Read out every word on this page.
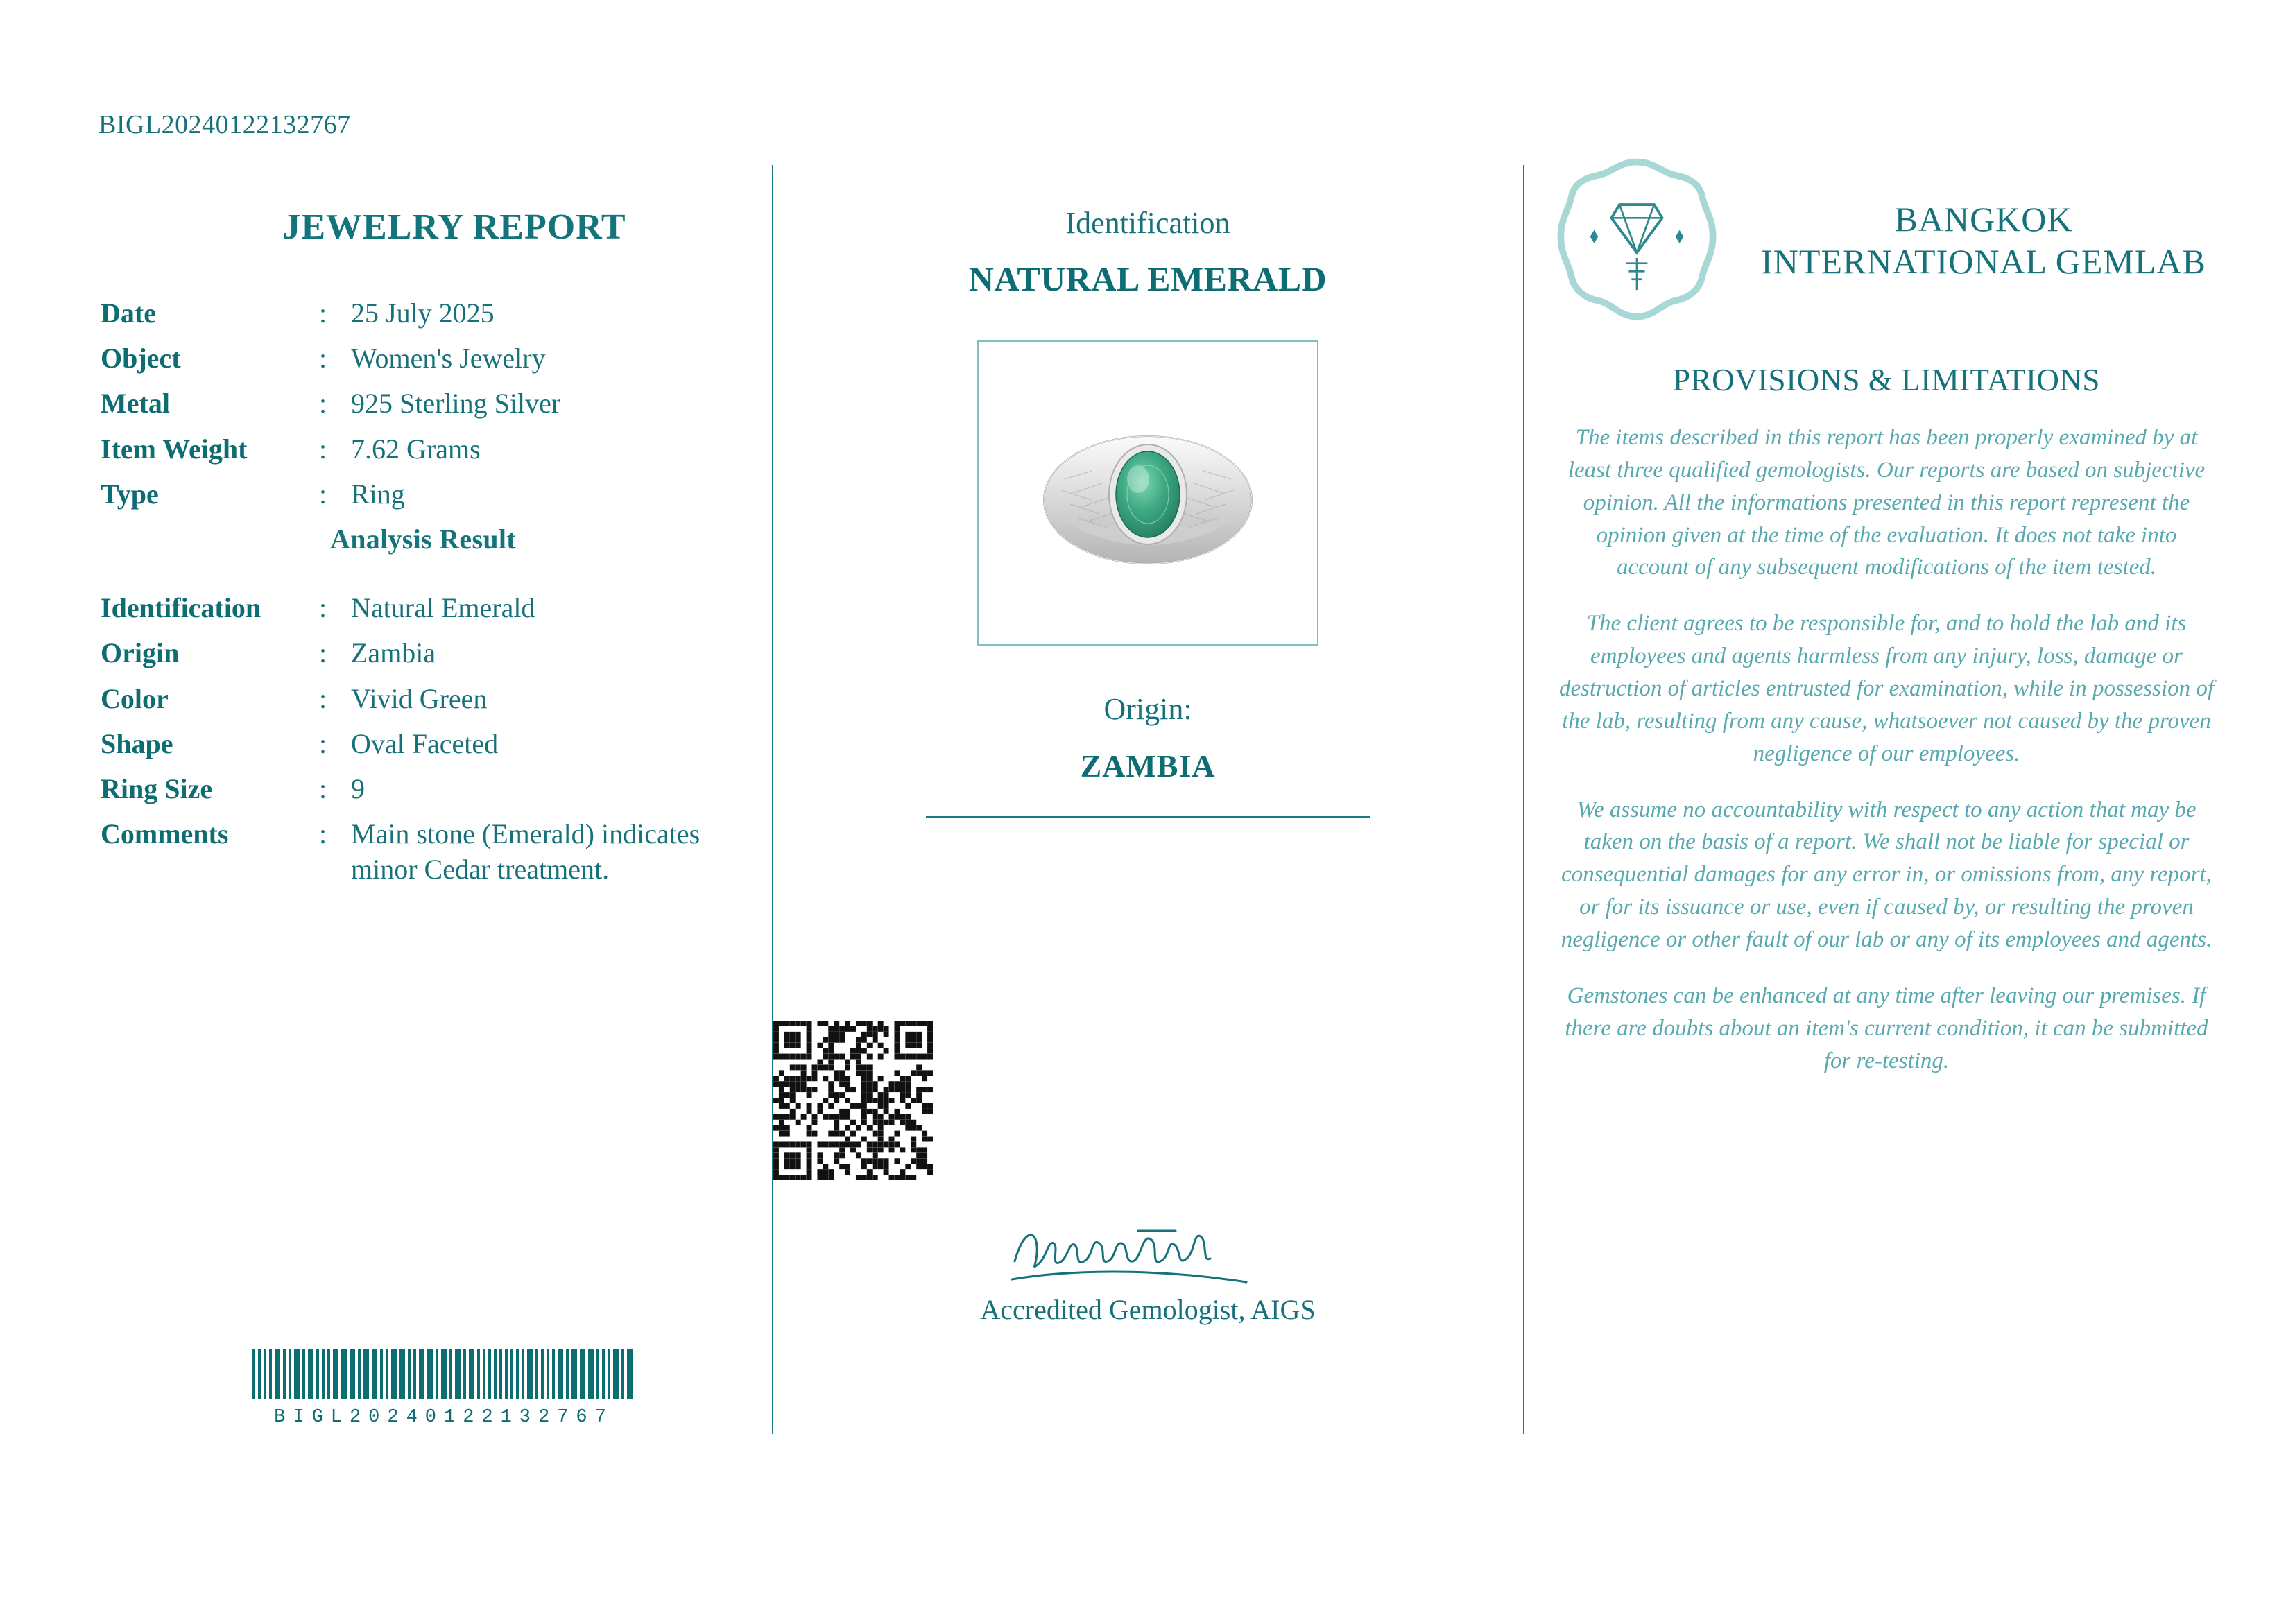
BIGL20240122132767
JEWELRY REPORT
Date	:	25 July 2025
Object	:	Women's Jewelry
Metal	:	925 Sterling Silver
Item Weight	:	7.62 Grams
Type	:	Ring
Analysis Result		

Identification	:	Natural Emerald
Origin	:	Zambia
Color	:	Vivid Green
Shape	:	Oval Faceted
Ring Size	:	9
Comments	:	Main stone (Emerald) indicates minor Cedar treatment.
BIGL20240122132767
Identification
NATURAL EMERALD
Origin:
ZAMBIA
Accredited Gemologist, AIGS
BANGKOK INTERNATIONAL GEMLAB
PROVISIONS & LIMITATIONS
The items described in this report has been properly examined by at least three qualified gemologists. Our reports are based on subjective opinion. All the informations presented in this report represent the opinion given at the time of the evaluation. It does not take into account of any subsequent modifications of the item tested.
The client agrees to be responsible for, and to hold the lab and its employees and agents harmless from any injury, loss, damage or destruction of articles entrusted for examination, while in possession of the lab, resulting from any cause, whatsoever not caused by the proven negligence of our employees.
We assume no accountability with respect to any action that may be taken on the basis of a report. We shall not be liable for special or consequential damages for any error in, or omissions from, any report, or for its issuance or use, even if caused by, or resulting the proven negligence or other fault of our lab or any of its employees and agents.
Gemstones can be enhanced at any time after leaving our premises. If there are doubts about an item's current condition, it can be submitted for re-testing.
